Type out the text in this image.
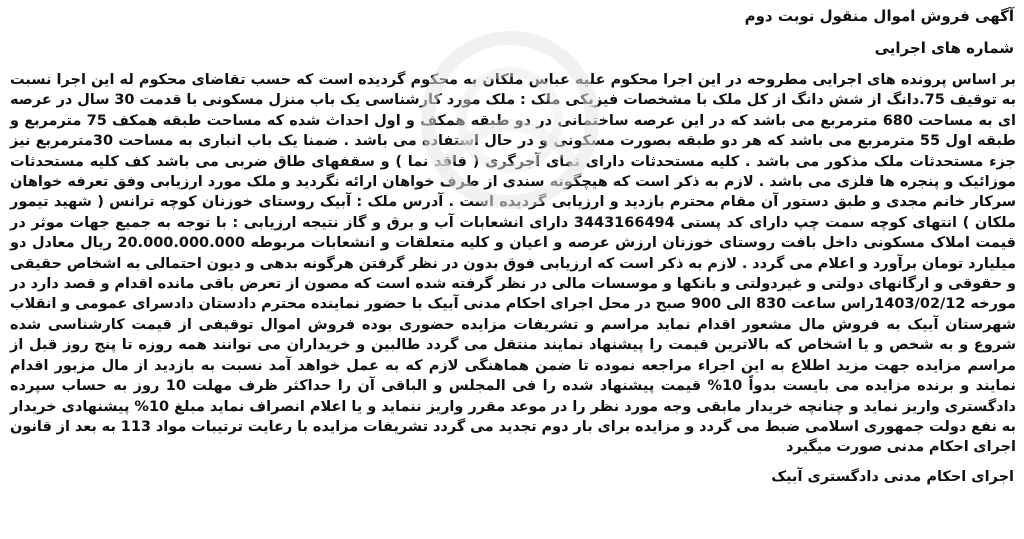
آگهی فروش اموال منقول نوبت دوم
شماره های اجرایی
بر اساس پرونده های اجرایی مطروحه در این اجرا محکوم علیه عباس ملکان به محکوم گردیده است که حسب تقاضای محکوم له این اجرا نسبت به توقیف 75.دانگ از شش دانگ از کل ملک با مشخصات فیزیکی ملک : ملک مورد کارشناسی یک باب منزل مسکونی با قدمت 30 سال در عرصه ای به مساحت 680 مترمربع می باشد که در این عرصه ساختمانی در دو طبقه همکف و اول احداث شده که مساحت طبقه همکف 75 مترمربع و طبقه اول 55 مترمربع می باشد که هر دو طبقه بصورت مسکونی و در حال استفاده می باشد . ضمنا یک باب انباری به مساحت 30مترمربع نیز جزء مستحدثات ملک مذکور می باشد . کلیه مستحدثات دارای نمای آجرگری ( فاقد نما ) و سقفهای طاق ضربی می باشد کف کلیه مستحدثات موزائیک و پنجره ها فلزی می باشد . لازم به ذکر است که هیچگونه سندی از طرف خواهان ارائه نگردید و ملک مورد ارزیابی وفق تعرفه خواهان سرکار خانم مجدی و طبق دستور آن مقام محترم بازدید و ارزیابی گردیده است . آدرس ملک : آبیک روستای خوزنان کوچه ترانس ( شهید تیمور ملکان ) انتهای کوچه سمت چپ دارای کد پستی 3443166494 دارای انشعابات آب و برق و گاز نتیجه ارزیابی : با توجه به جمیع جهات موثر در قیمت املاک مسکونی داخل بافت روستای خوزنان ارزش عرصه و اعیان و کلیه متعلقات و انشعابات مربوطه 20.000.000.000 ریال معادل دو میلیارد تومان برآورد و اعلام می گردد . لازم به ذکر است که ارزیابی فوق بدون در نظر گرفتن هرگونه بدهی و دیون احتمالی به اشخاص حقیقی و حقوقی و ارگانهای دولتی و غیردولتی و بانکها و موسسات مالی در نظر گرفته شده است که مصون از تعرض باقی مانده اقدام و قصد دارد در مورخه 1403/02/12راس ساعت 830 الی 900 صبح در محل اجرای احکام مدنی آبیک با حضور نماینده محترم دادستان دادسرای عمومی و انقلاب شهرستان آبیک به فروش مال مشعور اقدام نماید مراسم و تشریفات مزایده حضوری بوده فروش اموال توقیفی از قیمت کارشناسی شده شروع و به شخص و یا اشخاص که بالاترین قیمت را پیشنهاد نمایند منتقل می گردد طالبین و خریداران می توانند همه روزه تا پنج روز قبل از مراسم مزایده جهت مزید اطلاع به این اجراء مراجعه نموده تا ضمن هماهنگی لازم که به عمل خواهد آمد نسبت به بازدید از مال مزبور اقدام نمایند و برنده مزایده می بایست بدواً 10% قیمت پیشنهاد شده را فی المجلس و الباقی آن را حداکثر ظرف مهلت 10 روز به حساب سپرده دادگستری واریز نماید و چنانچه خریدار مابقی وجه مورد نظر را در موعد مقرر واریز ننماید و یا اعلام انصراف نماید مبلغ 10% پیشنهادی خریدار به نفع دولت جمهوری اسلامی ضبط می گردد و مزایده برای بار دوم تجدید می گردد تشریفات مزایده با رعایت ترتیبات مواد 113 به بعد از قانون اجرای احکام مدنی صورت میگیرد
اجرای احکام مدنی دادگستری آبیک
